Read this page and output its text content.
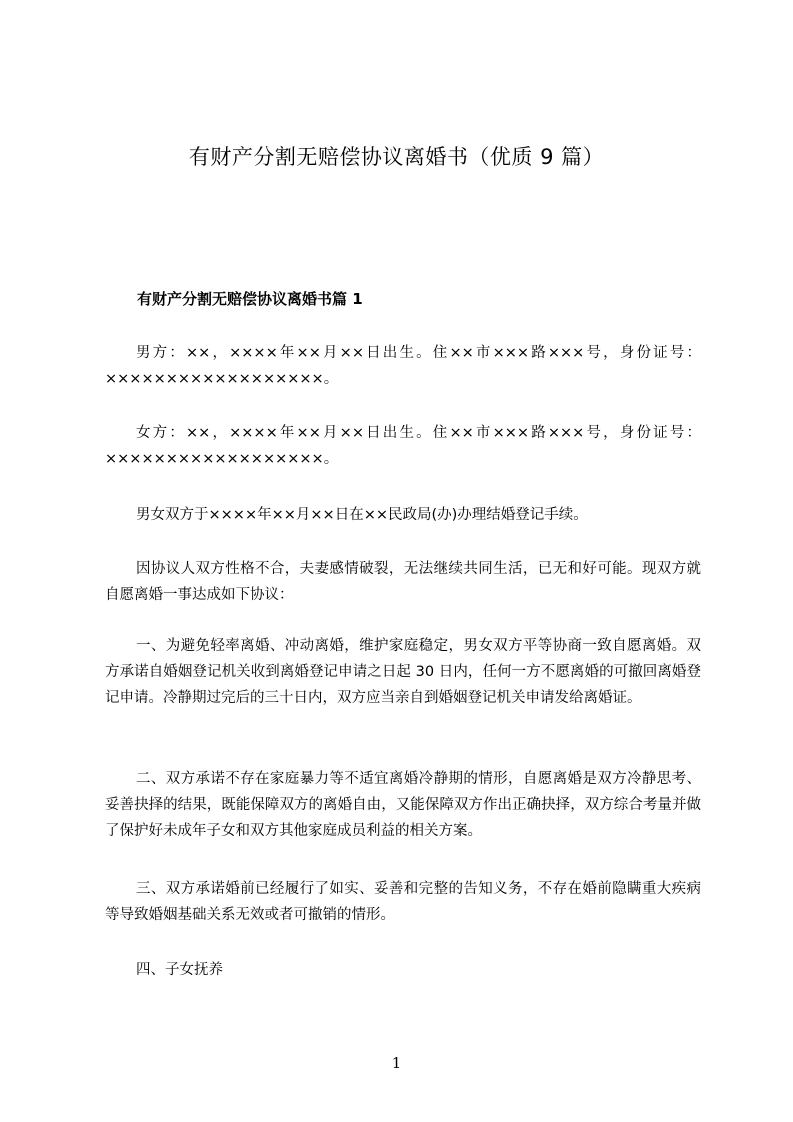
有财产分割无赔偿协议离婚书（优质 9 篇）
有财产分割无赔偿协议离婚书篇 1

男方：××，××××年××月××日出生。住××市×××路×××号，身份证号：××××××××××××××××××。

女方：××，××××年××月××日出生。住××市×××路×××号，身份证号：××××××××××××××××××。

男女双方于××××年××月××日在××民政局(办)办理结婚登记手续。

因协议人双方性格不合，夫妻感情破裂，无法继续共同生活，已无和好可能。现双方就自愿离婚一事达成如下协议：

一、为避免轻率离婚、冲动离婚，维护家庭稳定，男女双方平等协商一致自愿离婚。双方承诺自婚姻登记机关收到离婚登记申请之日起 30 日内，任何一方不愿离婚的可撤回离婚登记申请。冷静期过完后的三十日内，双方应当亲自到婚姻登记机关申请发给离婚证。

二、双方承诺不存在家庭暴力等不适宜离婚冷静期的情形，自愿离婚是双方冷静思考、妥善抉择的结果，既能保障双方的离婚自由，又能保障双方作出正确抉择，双方综合考量并做了保护好未成年子女和双方其他家庭成员利益的相关方案。

三、双方承诺婚前已经履行了如实、妥善和完整的告知义务，不存在婚前隐瞒重大疾病等导致婚姻基础关系无效或者可撤销的情形。

四、子女抚养

1
